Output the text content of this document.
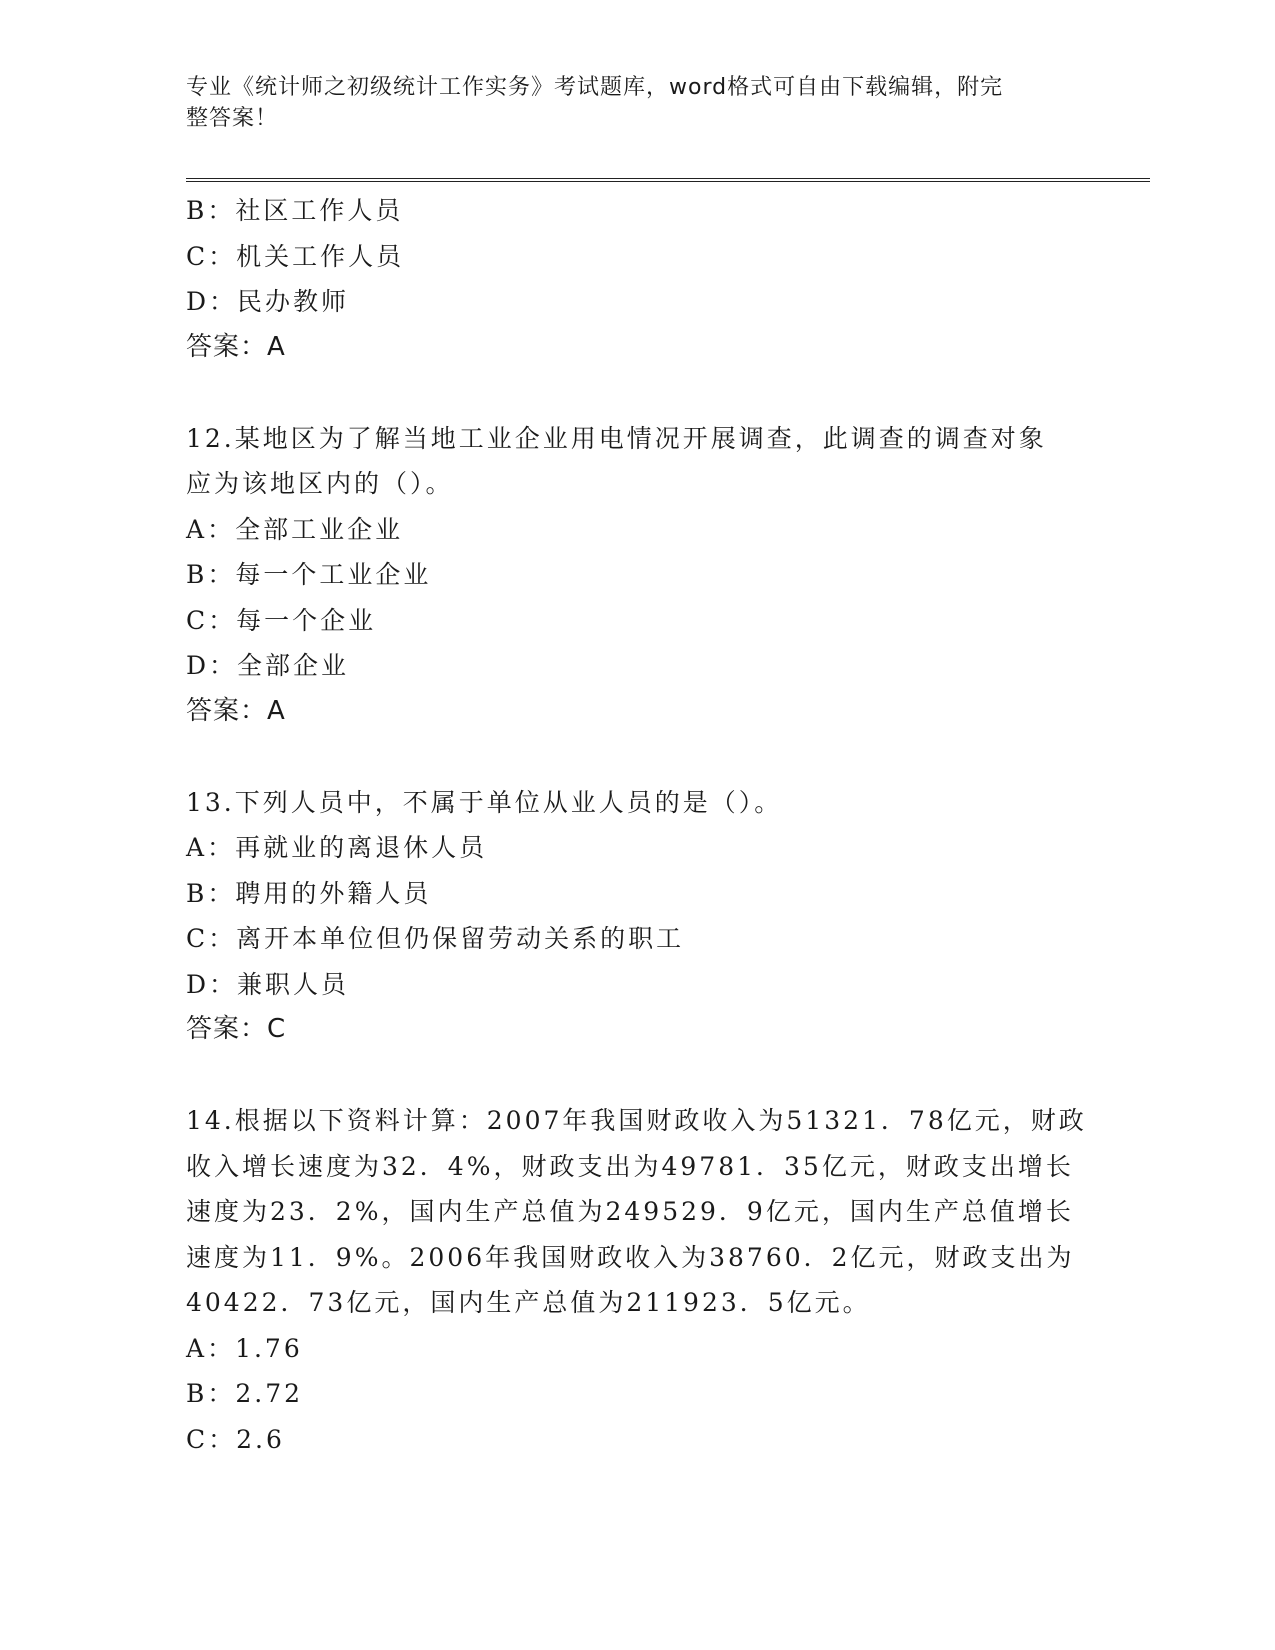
专业《统计师之初级统计工作实务》考试题库，word格式可自由下载编辑，附完
整答案！
B：社区工作人员
C：机关工作人员
D：民办教师
答案：A
12.某地区为了解当地工业企业用电情况开展调查，此调查的调查对象
应为该地区内的（）。
A：全部工业企业
B：每一个工业企业
C：每一个企业
D：全部企业
答案：A
13.下列人员中，不属于单位从业人员的是（）。
A：再就业的离退休人员
B：聘用的外籍人员
C：离开本单位但仍保留劳动关系的职工
D：兼职人员
答案：C
14.根据以下资料计算：2007年我国财政收入为51321．78亿元，财政
收入增长速度为32．4%，财政支出为49781．35亿元，财政支出增长
速度为23．2%，国内生产总值为249529．9亿元，国内生产总值增长
速度为11．9%。2006年我国财政收入为38760．2亿元，财政支出为
40422．73亿元，国内生产总值为211923．5亿元。
A：1.76
B：2.72
C：2.6
